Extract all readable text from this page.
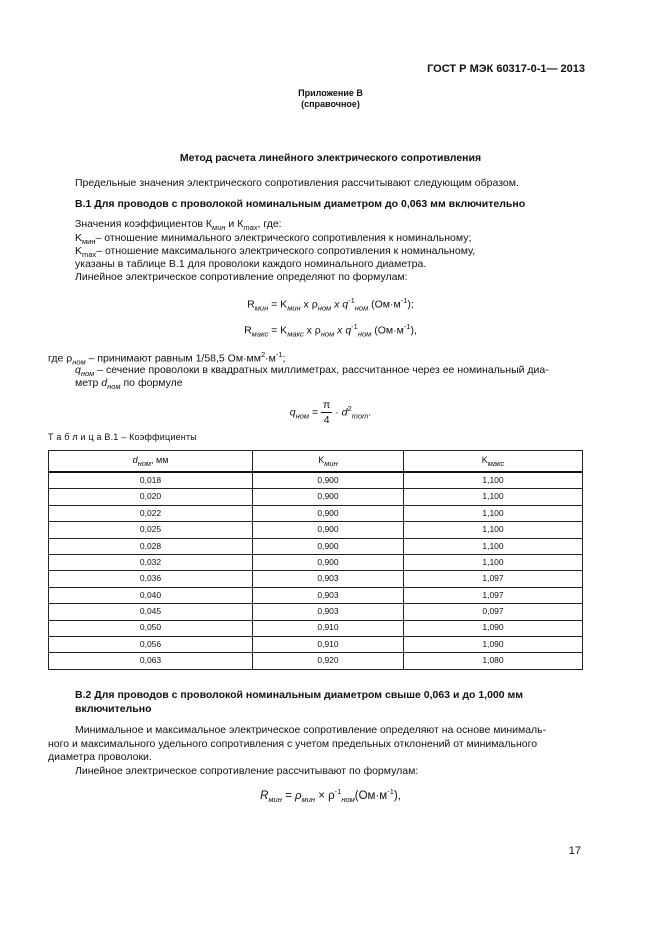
ГОСТ Р МЭК 60317-0-1— 2013
Приложение В
(справочное)
Метод расчета линейного электрического сопротивления
Предельные значения электрического сопротивления рассчитывают следующим образом.
В.1 Для проводов с проволокой номинальным диаметром до 0,063 мм включительно
Значения коэффициентов $К_{мин}$ и $К_{max}$, где:
$K_{мин}-$ отношение минимального электрического сопротивления к номинальному;
$K_{max}-$ отношение максимального электрического сопротивления к номинальному,
указаны в таблице В.1 для проволоки каждого номинального диаметра.
Линейное электрическое сопротивление определяют по формулам:
$R_{мин} = K_{мин}$ x $\rho_{ном}$ x $q^{-1}_{ном}$ $(Ом\cdot м^{-1})$;
$R_{макс} = K_{макс}$ x $\rho_{ном}$ x $q^{-1}_{ном}$ $(Ом\cdot м^{-1})$,
где $\rho_{ном}$ – принимают равным 1/58,5 $Ом\cdot мм^2\cdot м^{-1}$;
$q_{ном}$ – сечение проволоки в квадратных миллиметрах, рассчитанное через ее номинальный диа-
метр $d_{ном}$ по формуле
$q_{ном} = \frac{\pi}{4} \cdot d^2_{mom}$.
Т а б л и ц а В.1 – Коэффициенты
$d_{ном}$, мм	$K_{мин}$	$K_{макс}$
0,018	0,900	1,100
0,020	0,900	1,100
0,022	0,900	1,100
0,025	0,900	1,100
0,028	0,900	1,100
0,032	0,900	1,100
0,036	0,903	1,097
0,040	0,903	1,097
0,045	0,903	0,097
0,050	0,910	1,090
0,056	0,910	1,090
0,063	0,920	1,080
В.2 Для проводов с проволокой номинальным диаметром свыше 0,063 и до 1,000 мм
включительно
Минимальное и максимальное электрическое сопротивление определяют на основе минималь-
ного и максимального удельного сопротивления с учетом предельных отклонений от минимального
диаметра проволоки.
Линейное электрическое сопротивление рассчитывают по формулам:
$R_{мин} = \rho_{мин} \times \rho^{-1}_{ном}(Ом\cdot м^{-1})$,
17
